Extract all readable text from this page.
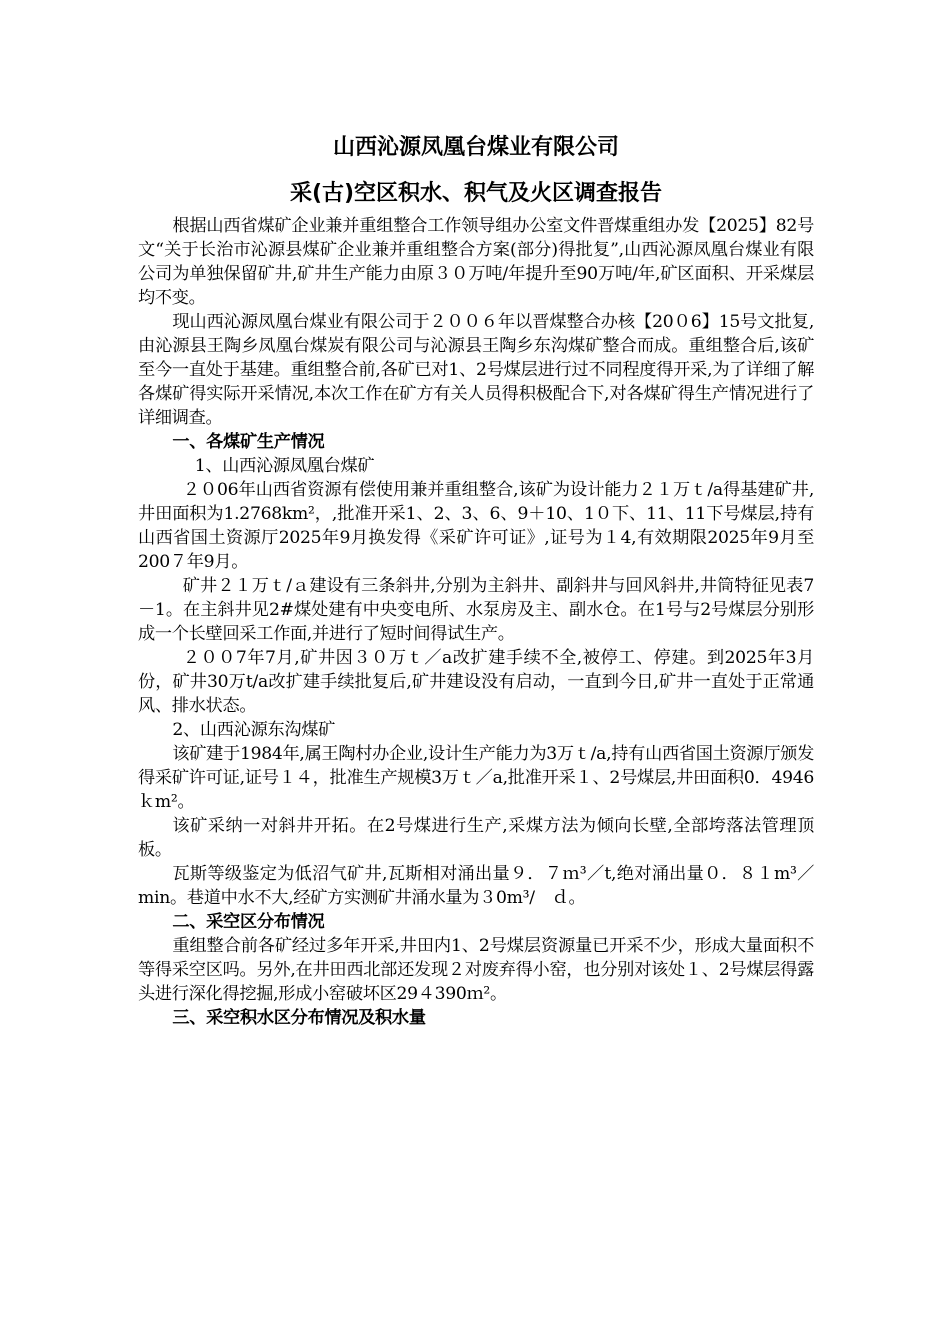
山西沁源凤凰台煤业有限公司
采(古)空区积水、积气及火区调查报告

根据山西省煤矿企业兼并重组整合工作领导组办公室文件晋煤重组办发【2025】82号文“关于长治市沁源县煤矿企业兼并重组整合方案(部分)得批复”,山西沁源凤凰台煤业有限公司为单独保留矿井,矿井生产能力由原３０万吨/年提升至90万吨/年,矿区面积、开采煤层均不变。

现山西沁源凤凰台煤业有限公司于２００６年以晋煤整合办核【20０6】15号文批复,由沁源县王陶乡凤凰台煤炭有限公司与沁源县王陶乡东沟煤矿整合而成。重组整合后,该矿至今一直处于基建。重组整合前,各矿已对1、2号煤层进行过不同程度得开采,为了详细了解各煤矿得实际开采情况,本次工作在矿方有关人员得积极配合下,对各煤矿得生产情况进行了详细调查。

一、各煤矿生产情况

1、山西沁源凤凰台煤矿

２０06年山西省资源有偿使用兼并重组整合,该矿为设计能力２１万ｔ/a得基建矿井,井田面积为1.2768km²，,批准开采1、2、3、6、9＋10、1０下、11、11下号煤层,持有山西省国土资源厅2025年9月换发得《采矿许可证》,证号为１4,有效期限2025年9月至200７年9月。

矿井２１万ｔ/ａ建设有三条斜井,分别为主斜井、副斜井与回风斜井,井筒特征见表7－1。在主斜井见2#煤处建有中央变电所、水泵房及主、副水仓。在1号与2号煤层分别形成一个长壁回采工作面,并进行了短时间得试生产。

２００7年7月,矿井因３０万ｔ／a改扩建手续不全,被停工、停建。到2025年3月份，矿井30万t/a改扩建手续批复后,矿井建设没有启动，一直到今日,矿井一直处于正常通风、排水状态。

2、山西沁源东沟煤矿

该矿建于1984年,属王陶村办企业,设计生产能力为3万ｔ/a,持有山西省国土资源厅颁发得采矿许可证,证号１４，批准生产规模3万ｔ／a,批准开采１、2号煤层,井田面积0．4946ｋm²。

该矿采纳一对斜井开拓。在2号煤进行生产,采煤方法为倾向长壁,全部垮落法管理顶板。

瓦斯等级鉴定为低沼气矿井,瓦斯相对涌出量９．７ｍ³／t,绝对涌出量０．８１m³／min。巷道中水不大,经矿方实测矿井涌水量为３0m³/　ｄ。

二、采空区分布情况

重组整合前各矿经过多年开采,井田内1、2号煤层资源量已开采不少，形成大量面积不等得采空区吗。另外,在井田西北部还发现２对废弃得小窑，也分别对该处１、2号煤层得露头进行深化得挖掘,形成小窑破坏区29４390ｍ²。

三、采空积水区分布情况及积水量
